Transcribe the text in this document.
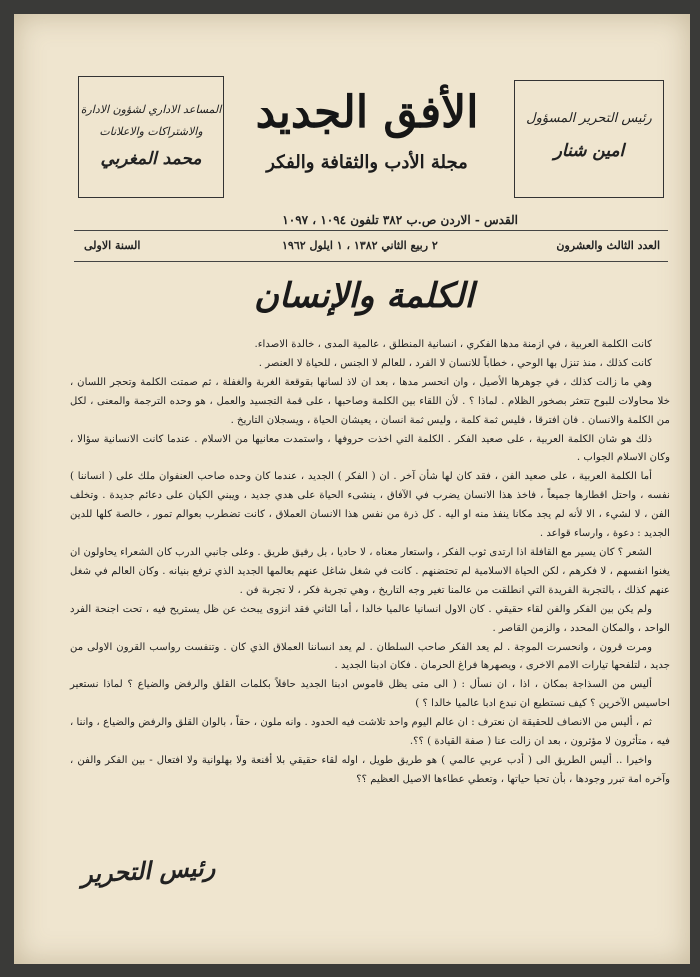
المساعد الاداري لشؤون الادارة
والاشتراكات والاعلانات
محمد المغربي
رئيس التحرير المسؤول
امين شنار
الأفق الجديد
مجلة الأدب والثقافة والفكر
القدس - الاردن ص.ب ٣٨٢ تلفون ١٠٩٤ ، ١٠٩٧
العدد الثالث والعشرون
٢ ربيع الثاني ١٣٨٢ ، ١ ايلول ١٩٦٢
السنة الاولى
الكلمة والإنسان

كانت الكلمة العربية ، في ازمنة مدها الفكري ، انسانية المنطلق ، عالمية المدى ، خالدة الاصداء.

كانت كذلك ، منذ تنزل بها الوحي ، خطاباً للانسان لا الفرد ، للعالم لا الجنس ، للحياة لا العنصر .

وهي ما زالت كذلك ، في جوهرها الأصيل ، وان انحسر مدها ، بعد ان لاذ لسانها بقوقعة الغربة والغفلة ، ثم صمتت الكلمة وتحجر اللسان ، خلا محاولات للبوح تتعثر بصخور الظلام . لماذا ؟ . لأن اللقاء بين الكلمة وصاحبها ، على قمة التجسيد والعمل ، هو وحده الترجمة والمعنى ، لكل من الكلمة والانسان . فان افترقا ، فليس ثمة كلمة ، وليس ثمة انسان ، يعيشان الحياة ، ويسجلان التاريخ .

ذلك هو شان الكلمة العربية ، على صعيد الفكر . الكلمة التي اخذت حروفها ، واستمدت معانيها من الاسلام . عندما كانت الانسانية سؤالا ، وكان الاسلام الجواب .

أما الكلمة العربية ، على صعيد الفن ، فقد كان لها شأن آخر . ان ( الفكر ) الجديد ، عندما كان وحده صاحب العنفوان ملك على ( انساننا ) نفسه ، واحتل اقطارها جميعاً ، فاخذ هذا الانسان يضرب في الآفاق ، ينشىء الحياة على هدي جديد ، ويبني الكيان على دعائم جديدة . وتخلف الفن ، لا لشيء ، الا لأنه لم يجد مكانا ينفذ منه او اليه . كل ذرة من نفس هذا الانسان العملاق ، كانت تضطرب بعوالم تمور ، خالصة كلها للدين الجديد : دعوة ، وارساء قواعد .

الشعر ؟ كان يسير مع القافلة اذا ارتدى ثوب الفكر ، واستعار معناه ، لا حاديا ، بل رفيق طريق . وعلى جانبي الدرب كان الشعراء يحاولون ان يغنوا انفسهم ، لا فكرهم ، لكن الحياة الاسلامية لم تحتضنهم . كانت في شغل شاغل عنهم بعالمها الجديد الذي ترفع بنيانه . وكان العالم في شغل عنهم كذلك ، بالتجربة الفريدة التي انطلقت من عالمنا تغير وجه التاريخ ، وهي تجربة فكر ، لا تجربة فن .

ولم يكن بين الفكر والفن لقاء حقيقي . كان الاول انسانيا عالميا خالدا ، أما الثاني فقد انزوى يبحث عن ظل يستريح فيه ، تحت اجنحة الفرد الواحد ، والمكان المحدد ، والزمن القاصر .

ومرت قرون ، وانحسرت الموجة . لم يعد الفكر صاحب السلطان . لم يعد انساننا العملاق الذي كان . وتنفست رواسب القرون الاولى من جديد ، لتلفحها تيارات الامم الاخرى ، ويصهرها فراغ الحرمان . فكان ادبنا الجديد .

أليس من السذاجة بمكان ، اذا ، ان نسأل : ( الى متى يظل قاموس ادبنا الجديد حافلاً بكلمات القلق والرفض والضياع ؟ لماذا نستعير احاسيس الآخرين ؟ كيف نستطيع ان نبدع ادبا عالميا خالدا ؟ )

ثم ، أليس من الانصاف للحقيقة ان نعترف : ان عالم اليوم واحد تلاشت فيه الحدود . وانه ملون ، حقاً ، بالوان القلق والرفض والضياع ، واننا ، فيه ، متأثرون لا مؤثرون ، بعد ان زالت عنا ( صفة القيادة ) ؟؟.

واخيرا .. أليس الطريق الى ( أدب عربي عالمي ) هو طريق طويل ، اوله لقاء حقيقي بلا أقنعة ولا بهلوانية ولا افتعال - بين الفكر والفن ، وآخره امة تبرر وجودها ، بأن تحيا حياتها ، وتعطي عطاءها الاصيل العظيم ؟؟

رئيس التحرير
